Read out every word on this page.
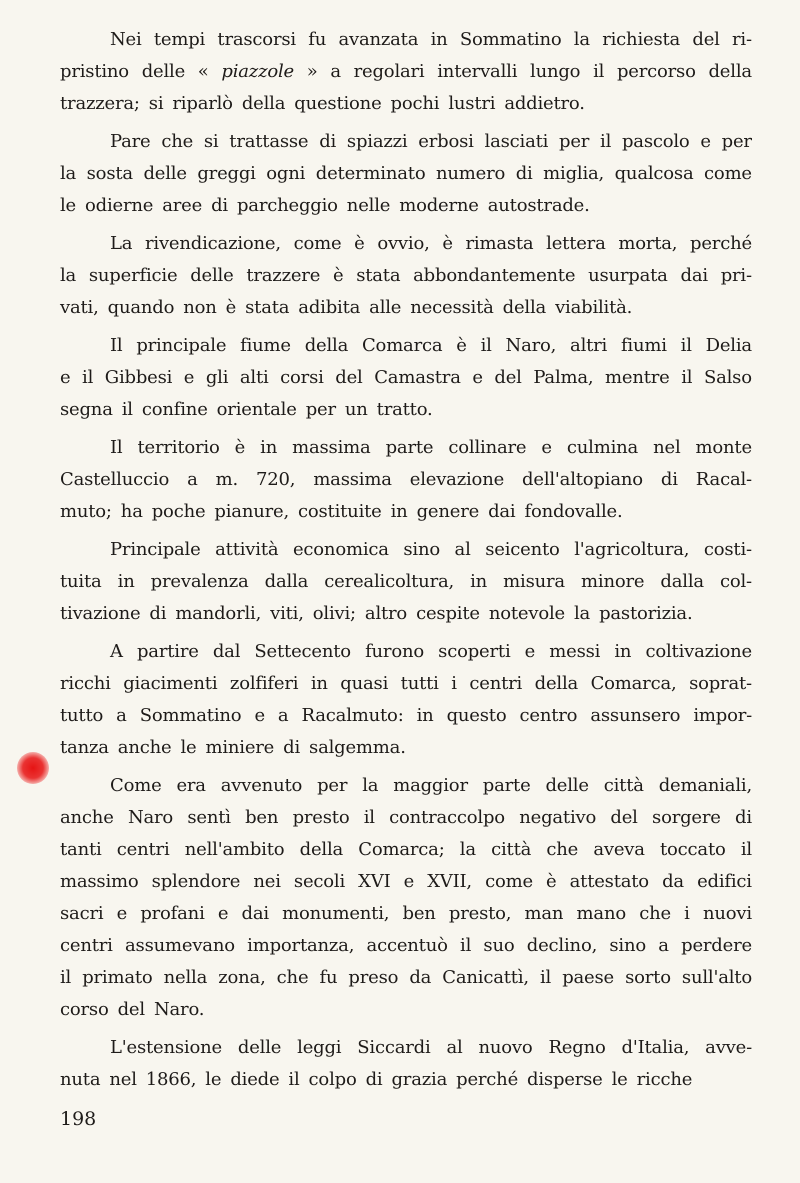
Nei tempi trascorsi fu avanzata in Sommatino la richiesta del ri-
pristino delle « piazzole » a regolari intervalli lungo il percorso della
trazzera; si riparlò della questione pochi lustri addietro.
Pare che si trattasse di spiazzi erbosi lasciati per il pascolo e per
la sosta delle greggi ogni determinato numero di miglia, qualcosa come
le odierne aree di parcheggio nelle moderne autostrade.
La rivendicazione, come è ovvio, è rimasta lettera morta, perché
la superficie delle trazzere è stata abbondantemente usurpata dai pri-
vati, quando non è stata adibita alle necessità della viabilità.
Il principale fiume della Comarca è il Naro, altri fiumi il Delia
e il Gibbesi e gli alti corsi del Camastra e del Palma, mentre il Salso
segna il confine orientale per un tratto.
Il territorio è in massima parte collinare e culmina nel monte
Castelluccio a m. 720, massima elevazione dell'altopiano di Racal-
muto; ha poche pianure, costituite in genere dai fondovalle.
Principale attività economica sino al seicento l'agricoltura, costi-
tuita in prevalenza dalla cerealicoltura, in misura minore dalla col-
tivazione di mandorli, viti, olivi; altro cespite notevole la pastorizia.
A partire dal Settecento furono scoperti e messi in coltivazione
ricchi giacimenti zolfiferi in quasi tutti i centri della Comarca, soprat-
tutto a Sommatino e a Racalmuto: in questo centro assunsero impor-
tanza anche le miniere di salgemma.
Come era avvenuto per la maggior parte delle città demaniali,
anche Naro sentì ben presto il contraccolpo negativo del sorgere di
tanti centri nell'ambito della Comarca; la città che aveva toccato il
massimo splendore nei secoli XVI e XVII, come è attestato da edifici
sacri e profani e dai monumenti, ben presto, man mano che i nuovi
centri assumevano importanza, accentuò il suo declino, sino a perdere
il primato nella zona, che fu preso da Canicattì, il paese sorto sull'alto
corso del Naro.
L'estensione delle leggi Siccardi al nuovo Regno d'Italia, avve-
nuta nel 1866, le diede il colpo di grazia perché disperse le ricche
198
